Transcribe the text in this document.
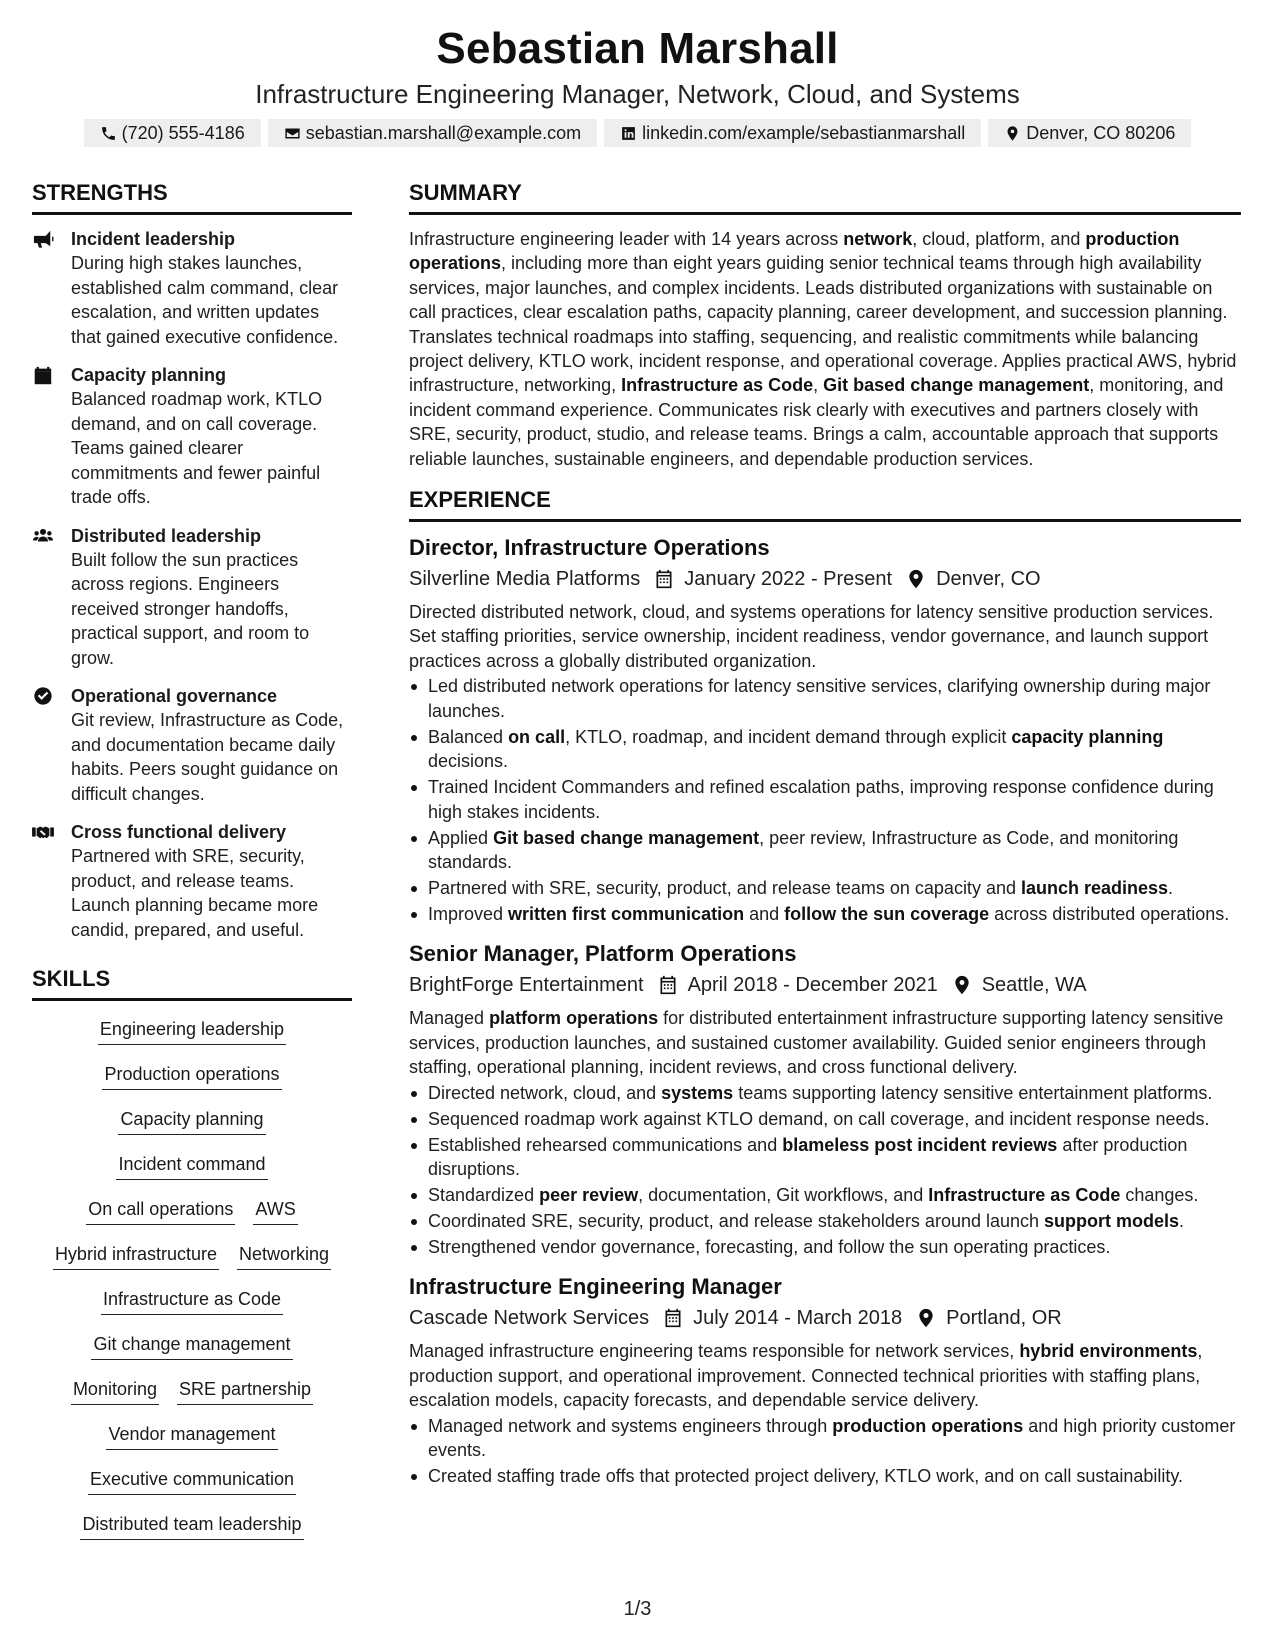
Sebastian Marshall
Infrastructure Engineering Manager, Network, Cloud, and Systems
(720) 555-4186	sebastian.marshall@example.com	linkedin.com/example/sebastianmarshall	Denver, CO 80206
STRENGTHS
Incident leadership
During high stakes launches, established calm command, clear escalation, and written updates that gained executive confidence.
Capacity planning
Balanced roadmap work, KTLO demand, and on call coverage. Teams gained clearer commitments and fewer painful trade offs.
Distributed leadership
Built follow the sun practices across regions. Engineers received stronger handoffs, practical support, and room to grow.
Operational governance
Git review, Infrastructure as Code, and documentation became daily habits. Peers sought guidance on difficult changes.
Cross functional delivery
Partnered with SRE, security, product, and release teams. Launch planning became more candid, prepared, and useful.
SKILLS
Engineering leadership
Production operations
Capacity planning
Incident command
On call operations AWS
Hybrid infrastructure Networking
Infrastructure as Code
Git change management
Monitoring SRE partnership
Vendor management
Executive communication
Distributed team leadership
SUMMARY
Infrastructure engineering leader with 14 years across network, cloud, platform, and production operations, including more than eight years guiding senior technical teams through high availability services, major launches, and complex incidents. Leads distributed organizations with sustainable on call practices, clear escalation paths, capacity planning, career development, and succession planning. Translates technical roadmaps into staffing, sequencing, and realistic commitments while balancing project delivery, KTLO work, incident response, and operational coverage. Applies practical AWS, hybrid infrastructure, networking, Infrastructure as Code, Git based change management, monitoring, and incident command experience. Communicates risk clearly with executives and partners closely with SRE, security, product, studio, and release teams. Brings a calm, accountable approach that supports reliable launches, sustainable engineers, and dependable production services.
EXPERIENCE
Director, Infrastructure Operations
Silverline Media Platforms January 2022 - Present Denver, CO
Directed distributed network, cloud, and systems operations for latency sensitive production services. Set staffing priorities, service ownership, incident readiness, vendor governance, and launch support practices across a globally distributed organization.
Led distributed network operations for latency sensitive services, clarifying ownership during major launches.
Balanced on call, KTLO, roadmap, and incident demand through explicit capacity planning decisions.
Trained Incident Commanders and refined escalation paths, improving response confidence during high stakes incidents.
Applied Git based change management, peer review, Infrastructure as Code, and monitoring standards.
Partnered with SRE, security, product, and release teams on capacity and launch readiness.
Improved written first communication and follow the sun coverage across distributed operations.
Senior Manager, Platform Operations
BrightForge Entertainment April 2018 - December 2021 Seattle, WA
Managed platform operations for distributed entertainment infrastructure supporting latency sensitive services, production launches, and sustained customer availability. Guided senior engineers through staffing, operational planning, incident reviews, and cross functional delivery.
Directed network, cloud, and systems teams supporting latency sensitive entertainment platforms.
Sequenced roadmap work against KTLO demand, on call coverage, and incident response needs.
Established rehearsed communications and blameless post incident reviews after production disruptions.
Standardized peer review, documentation, Git workflows, and Infrastructure as Code changes.
Coordinated SRE, security, product, and release stakeholders around launch support models.
Strengthened vendor governance, forecasting, and follow the sun operating practices.
Infrastructure Engineering Manager
Cascade Network Services July 2014 - March 2018 Portland, OR
Managed infrastructure engineering teams responsible for network services, hybrid environments, production support, and operational improvement. Connected technical priorities with staffing plans, escalation models, capacity forecasts, and dependable service delivery.
Managed network and systems engineers through production operations and high priority customer events.
Created staffing trade offs that protected project delivery, KTLO work, and on call sustainability.
1/3
